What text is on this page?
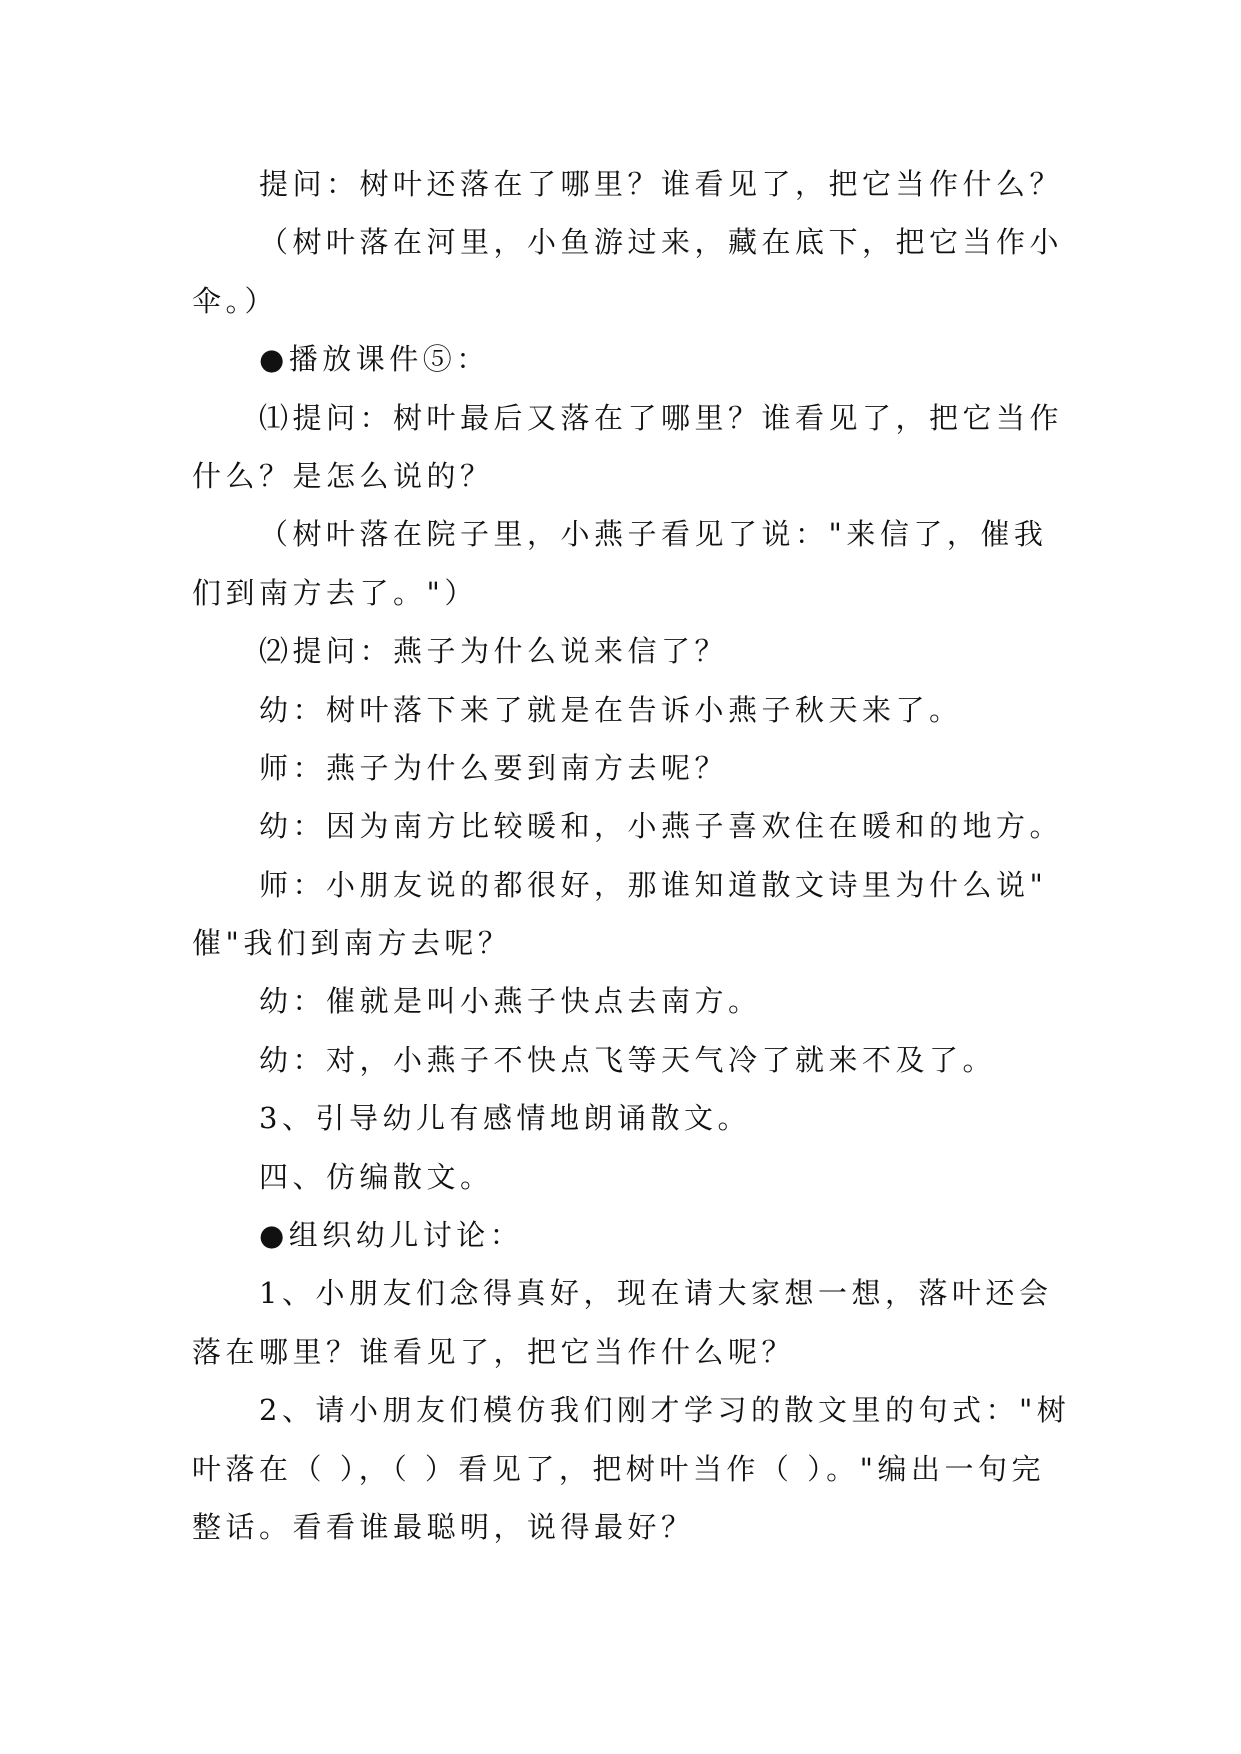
提问：树叶还落在了哪里？谁看见了，把它当作什么？
（树叶落在河里，小鱼游过来，藏在底下，把它当作小
伞。）
●播放课件⑤：
⑴提问：树叶最后又落在了哪里？谁看见了，把它当作
什么？是怎么说的？
（树叶落在院子里，小燕子看见了说："来信了，催我
们到南方去了。"）
⑵提问：燕子为什么说来信了？
幼：树叶落下来了就是在告诉小燕子秋天来了。
师：燕子为什么要到南方去呢？
幼：因为南方比较暖和，小燕子喜欢住在暖和的地方。
师：小朋友说的都很好，那谁知道散文诗里为什么说"
催"我们到南方去呢？
幼：催就是叫小燕子快点去南方。
幼：对，小燕子不快点飞等天气冷了就来不及了。
3、引导幼儿有感情地朗诵散文。
四、仿编散文。
●组织幼儿讨论：
1、小朋友们念得真好，现在请大家想一想，落叶还会
落在哪里？谁看见了，把它当作什么呢？
2、请小朋友们模仿我们刚才学习的散文里的句式："树
叶落在（ ），（ ）看见了，把树叶当作（ ）。"编出一句完
整话。看看谁最聪明，说得最好？
